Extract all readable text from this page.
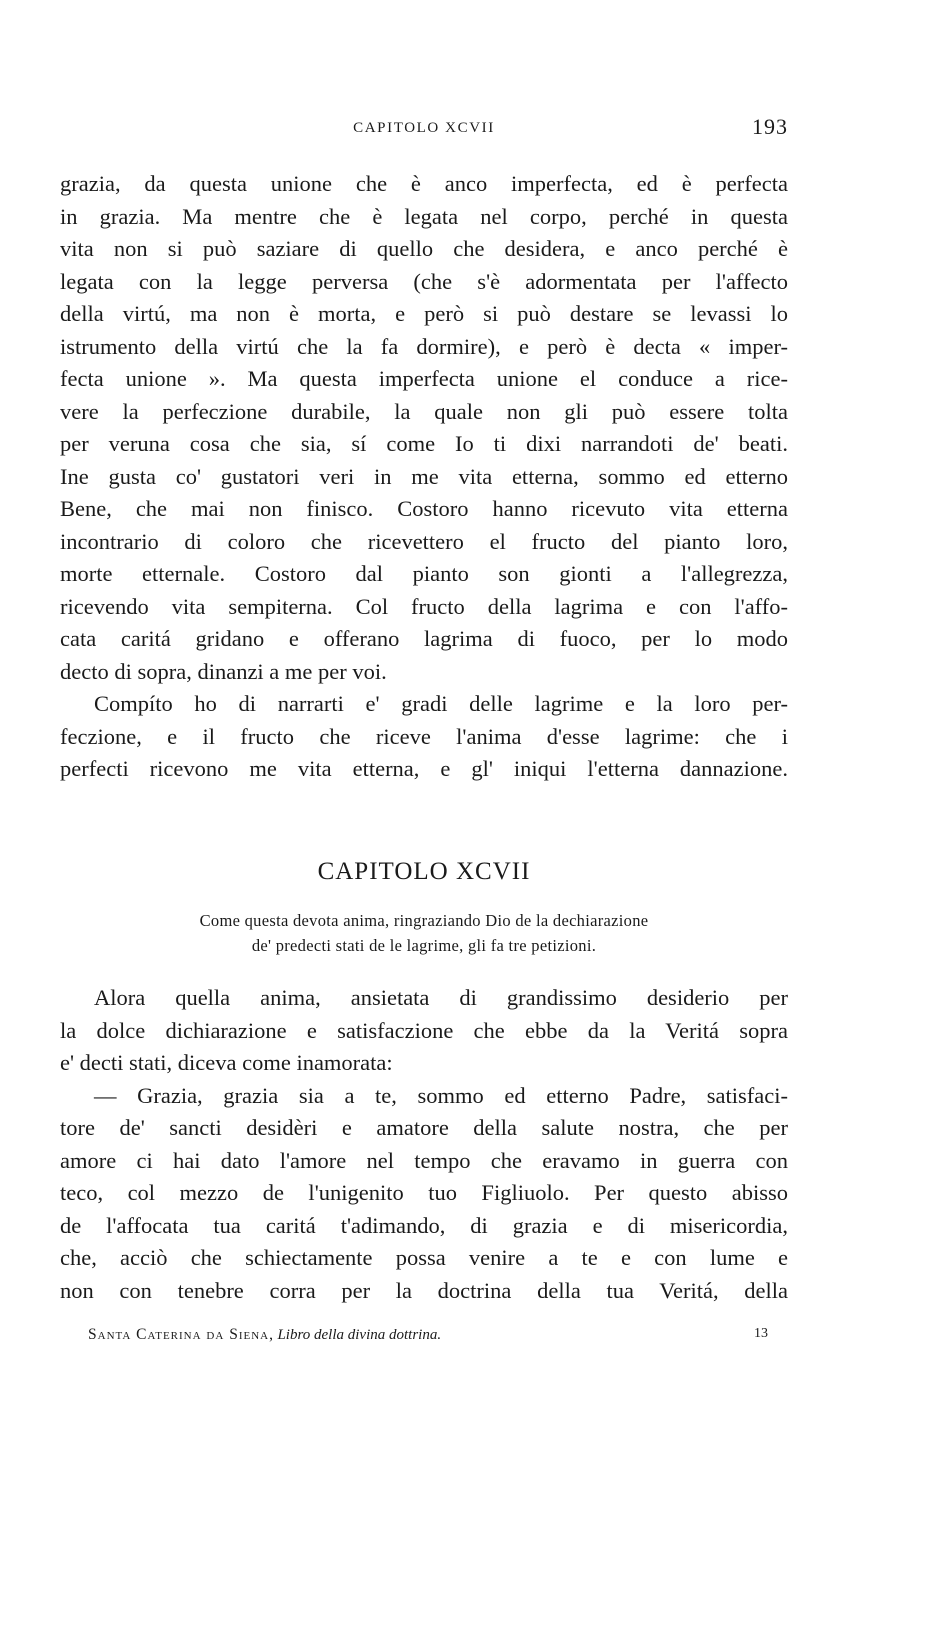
CAPITOLO XCVII	193

grazia, da questa unione che è anco imperfecta, ed è perfecta
in grazia. Ma mentre che è legata nel corpo, perché in questa
vita non si può saziare di quello che desidera, e anco perché è
legata con la legge perversa (che s'è adormentata per l'affecto
della virtú, ma non è morta, e però si può destare se levassi lo
istrumento della virtú che la fa dormire), e però è decta « imper-
fecta unione ». Ma questa imperfecta unione el conduce a rice-
vere la perfeczione durabile, la quale non gli può essere tolta
per veruna cosa che sia, sí come Io ti dixi narrandoti de' beati.
Ine gusta co' gustatori veri in me vita etterna, sommo ed etterno
Bene, che mai non finisco. Costoro hanno ricevuto vita etterna
incontrario di coloro che ricevettero el fructo del pianto loro,
morte etternale. Costoro dal pianto son gionti a l'allegrezza,
ricevendo vita sempiterna. Col fructo della lagrima e con l'affo-
cata caritá gridano e offerano lagrima di fuoco, per lo modo
decto di sopra, dinanzi a me per voi.

Compíto ho di narrarti e' gradi delle lagrime e la loro per-
feczione, e il fructo che riceve l'anima d'esse lagrime: che i
perfecti ricevono me vita etterna, e gl' iniqui l'etterna dannazione.

CAPITOLO XCVII
Come questa devota anima, ringraziando Dio de la dechiarazione
de' predecti stati de le lagrime, gli fa tre petizioni.

Alora quella anima, ansietata di grandissimo desiderio per
la dolce dichiarazione e satisfaczione che ebbe da la Veritá sopra
e' decti stati, diceva come inamorata:

— Grazia, grazia sia a te, sommo ed etterno Padre, satisfaci-
tore de' sancti desidèri e amatore della salute nostra, che per
amore ci hai dato l'amore nel tempo che eravamo in guerra con
teco, col mezzo de l'unigenito tuo Figliuolo. Per questo abisso
de l'affocata tua caritá t'adimando, di grazia e di misericordia,
che, acciò che schiectamente possa venire a te e con lume e
non con tenebre corra per la doctrina della tua Veritá, della

Santa Caterina da Siena, Libro della divina dottrina.	13
